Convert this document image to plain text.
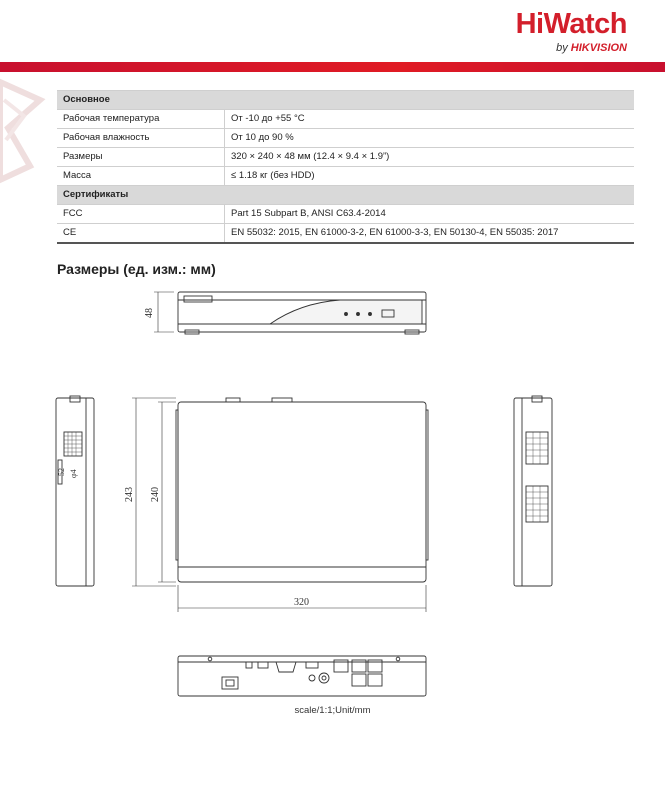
HiWatch
by HIKVISION
Основное	
Рабочая температура	От -10 до +55 °C
Рабочая влажность	От 10 до 90 %
Размеры	320 × 240 × 48 мм (12.4 × 9.4 × 1.9”)
Масса	≤ 1.18 кг (без HDD)
Сертификаты	
FCC	Part 15 Subpart B, ANSI C63.4-2014
CE	EN 55032: 2015, EN 61000-3-2, EN 61000-3-3, EN 50130-4, EN 55035: 2017
Размеры (ед. изм.: мм)
48
243 240
320
52 φ4
scale/1:1;Unit/mm
